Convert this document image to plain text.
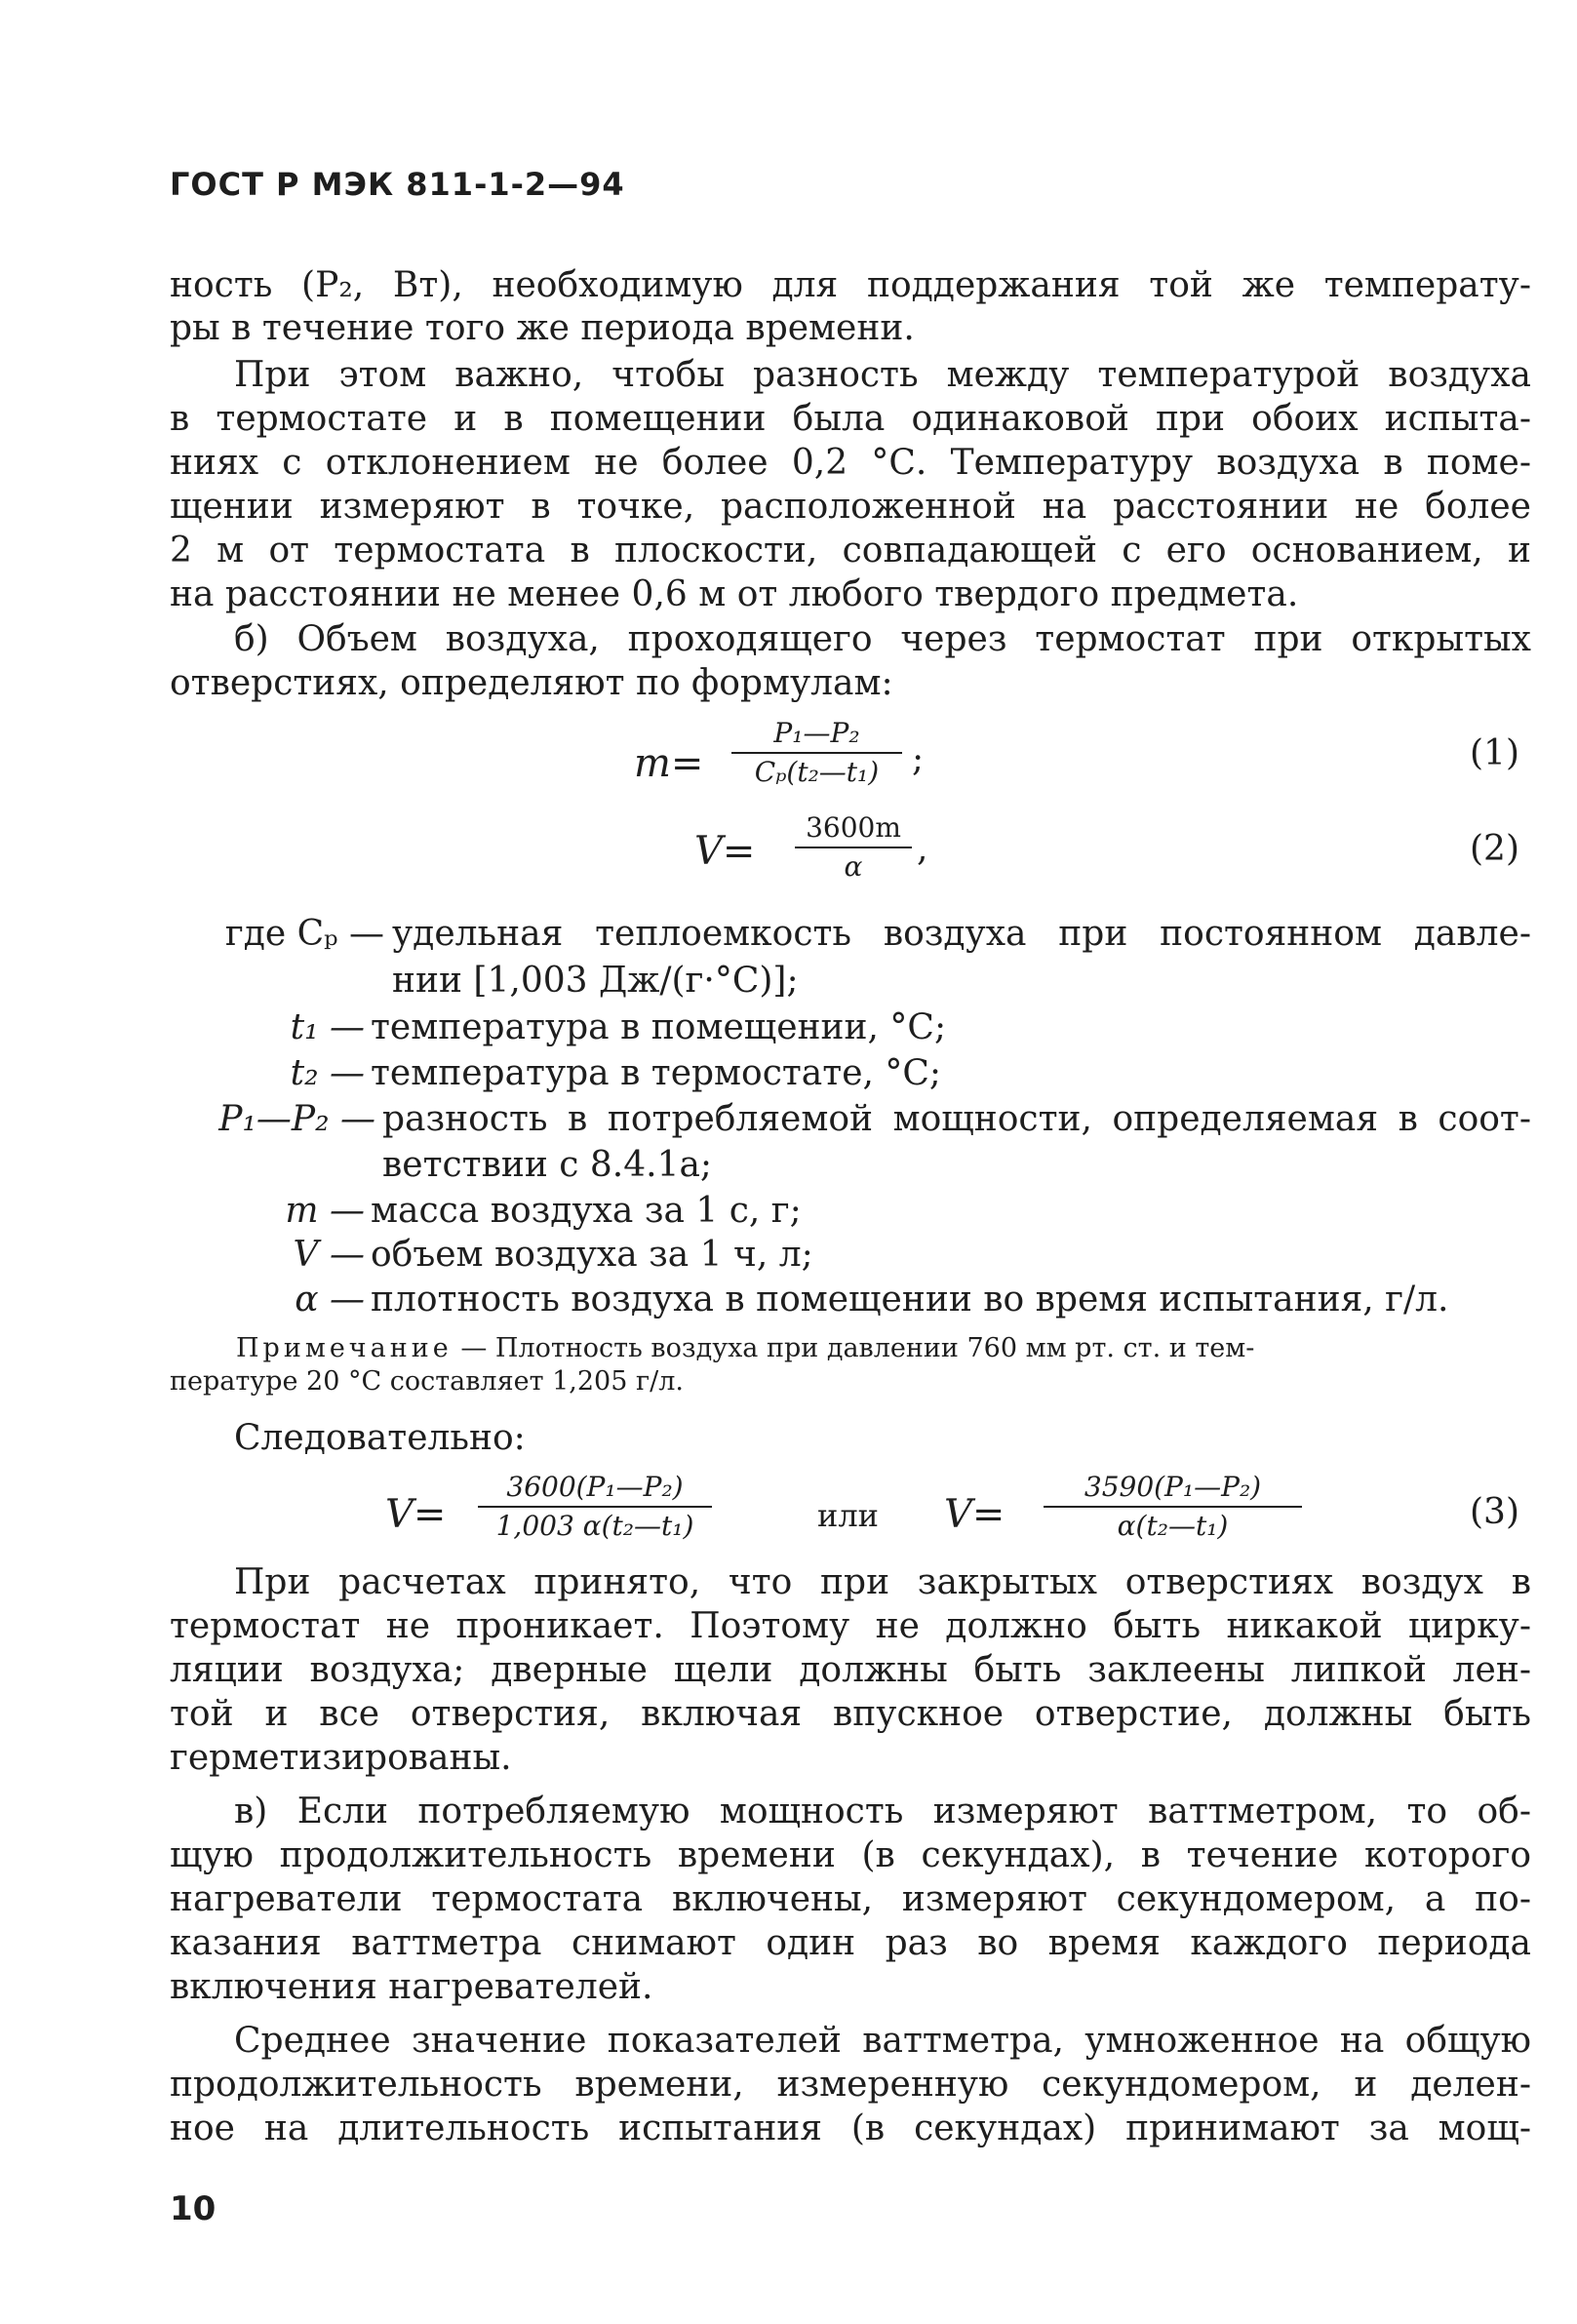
ГОСТ Р МЭК 811-1-2—94
ность (P₂, Вт), необходимую для поддержания той же температу-
ры в течение того же периода времени.
При этом важно, чтобы разность между температурой воздуха
в термостате и в помещении была одинаковой при обоих испыта-
ниях с отклонением не более 0,2 °С. Температуру воздуха в поме-
щении измеряют в точке, расположенной на расстоянии не более
2 м от термостата в плоскости, совпадающей с его основанием, и
на расстоянии не менее 0,6 м от любого твердого предмета.
б) Объем воздуха, проходящего через термостат при открытых
отверстиях, определяют по формулам:
m=
P₁—P₂
Cₚ(t₂—t₁) ;	(1)
V=
3600m
α	,	(2)
где Cₚ — удельная теплоемкость воздуха при постоянном давле-
нии [1,003 Дж/(г·°С)];
t₁ — температура в помещении, °С;
t₂ — температура в термостате, °С;
P₁—P₂ — разность в потребляемой мощности, определяемая в соот-
ветствии с 8.4.1а;
m — масса воздуха за 1 с, г;
V — объем воздуха за 1 ч, л;
α — плотность воздуха в помещении во время испытания, г/л.
Примечание — Плотность воздуха при давлении 760 мм рт. ст. и тем-
пературе 20 °С составляет 1,205 г/л.
Следовательно:
V=
3600(P₁—P₂)
1,003 α(t₂—t₁)	или V=
3590(P₁—P₂)
α(t₂—t₁)	(3)
При расчетах принято, что при закрытых отверстиях воздух в
термостат не проникает. Поэтому не должно быть никакой цирку-
ляции воздуха; дверные щели должны быть заклеены липкой лен-
той и все отверстия, включая впускное отверстие, должны быть
герметизированы.
в) Если потребляемую мощность измеряют ваттметром, то об-
щую продолжительность времени (в секундах), в течение которого
нагреватели термостата включены, измеряют секундомером, а по-
казания ваттметра снимают один раз во время каждого периода
включения нагревателей.
Среднее значение показателей ваттметра, умноженное на общую
продолжительность времени, измеренную секундомером, и делен-
ное на длительность испытания (в секундах) принимают за мощ-
10
